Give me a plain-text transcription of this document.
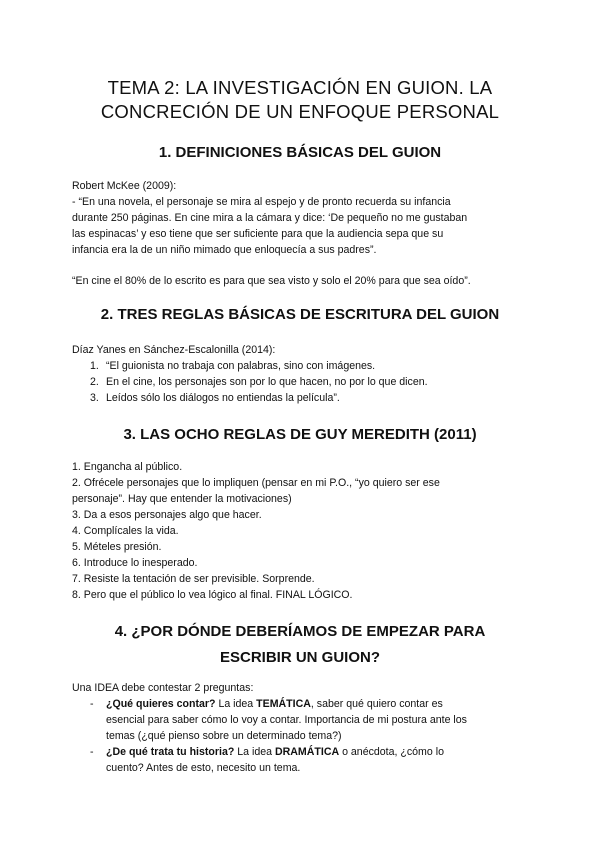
TEMA 2: LA INVESTIGACIÓN EN GUION. LA
CONCRECIÓN DE UN ENFOQUE PERSONAL
1. DEFINICIONES BÁSICAS DEL GUION
Robert McKee (2009):
- “En una novela, el personaje se mira al espejo y de pronto recuerda su infancia
durante 250 páginas. En cine mira a la cámara y dice: ‘De pequeño no me gustaban
las espinacas’ y eso tiene que ser suficiente para que la audiencia sepa que su
infancia era la de un niño mimado que enloquecía a sus padres”.
“En cine el 80% de lo escrito es para que sea visto y solo el 20% para que sea oído”.
2. TRES REGLAS BÁSICAS DE ESCRITURA DEL GUION
Díaz Yanes en Sánchez-Escalonilla (2014):
1. “El guionista no trabaja con palabras, sino con imágenes.
2. En el cine, los personajes son por lo que hacen, no por lo que dicen.
3. Leídos sólo los diálogos no entiendas la película”.
3. LAS OCHO REGLAS DE GUY MEREDITH (2011)
1. Engancha al público.
2. Ofrécele personajes que lo impliquen (pensar en mi P.O., “yo quiero ser ese
personaje”. Hay que entender la motivaciones)
3. Da a esos personajes algo que hacer.
4. Complícales la vida.
5. Mételes presión.
6. Introduce lo inesperado.
7. Resiste la tentación de ser previsible. Sorprende.
8. Pero que el público lo vea lógico al final. FINAL LÓGICO.
4. ¿POR DÓNDE DEBERÍAMOS DE EMPEZAR PARA
ESCRIBIR UN GUION?
Una IDEA debe contestar 2 preguntas:
- ¿Qué quieres contar? La idea TEMÁTICA, saber qué quiero contar es
esencial para saber cómo lo voy a contar. Importancia de mi postura ante los
temas (¿qué pienso sobre un determinado tema?)
- ¿De qué trata tu historia? La idea DRAMÁTICA o anécdota, ¿cómo lo
cuento? Antes de esto, necesito un tema.
